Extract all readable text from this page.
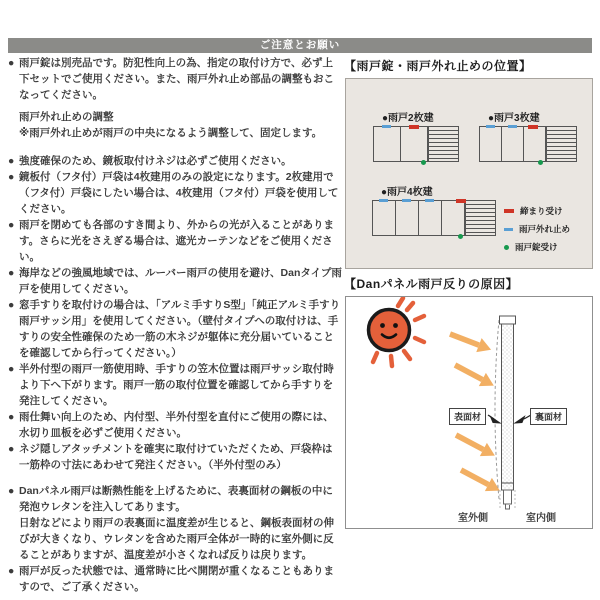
ご注意とお願い
● 雨戸錠は別売品です。防犯性向上の為、指定の取付け方で、必ず上下セットでご使用ください。また、雨戸外れ止め部品の調整もおこなってください。
雨戸外れ止めの調整
※雨戸外れ止めが雨戸の中央になるよう調整して、固定します。
● 強度確保のため、鏡板取付けネジは必ずご使用ください。
● 鏡板付（フタ付）戸袋は4枚建用のみの設定になります。2枚建用で（フタ付）戸袋にしたい場合は、4枚建用（フタ付）戸袋を使用してください。
● 雨戸を閉めても各部のすき間より、外からの光が入ることがあります。さらに光をさえぎる場合は、遮光カーテンなどをご使用ください。
● 海岸などの強風地域では、ルーバー雨戸の使用を避け、Danタイプ雨戸を使用してください。
● 窓手すりを取付けの場合は、「アルミ手すりS型」「純正アルミ手すり雨戸サッシ用」を使用してください。（壁付タイプへの取付けは、手すりの安全性確保のため一筋の木ネジが躯体に充分届いていることを確認してから行ってください。）
● 半外付型の雨戸一筋使用時、手すりの笠木位置は雨戸サッシ取付時より下へ下がります。雨戸一筋の取付位置を確認してから手すりを発注してください。
● 雨仕舞い向上のため、内付型、半外付型を直付にご使用の際には、水切り皿板を必ずご使用ください。
● ネジ隠しアタッチメントを確実に取付けていただくため、戸袋枠は一筋枠の寸法にあわせて発注ください。（半外付型のみ）
● Danパネル雨戸は断熱性能を上げるために、表裏面材の鋼板の中に発泡ウレタンを注入してあります。
日射などにより雨戸の表裏面に温度差が生じると、鋼板表面材の伸びが大きくなり、ウレタンを含めた雨戸全体が一時的に室外側に反ることがありますが、温度差が小さくなれば反りは戻ります。
● 雨戸が反った状態では、通常時に比べ開閉が重くなることもありますので、ご了承ください。
【雨戸錠・雨戸外れ止めの位置】
●雨戸2枚建	●雨戸3枚建
●雨戸4枚建
締まり受け
雨戸外れ止め
雨戸錠受け
【Danパネル雨戸反りの原因】
表面材	裏面材
室外側	室内側
